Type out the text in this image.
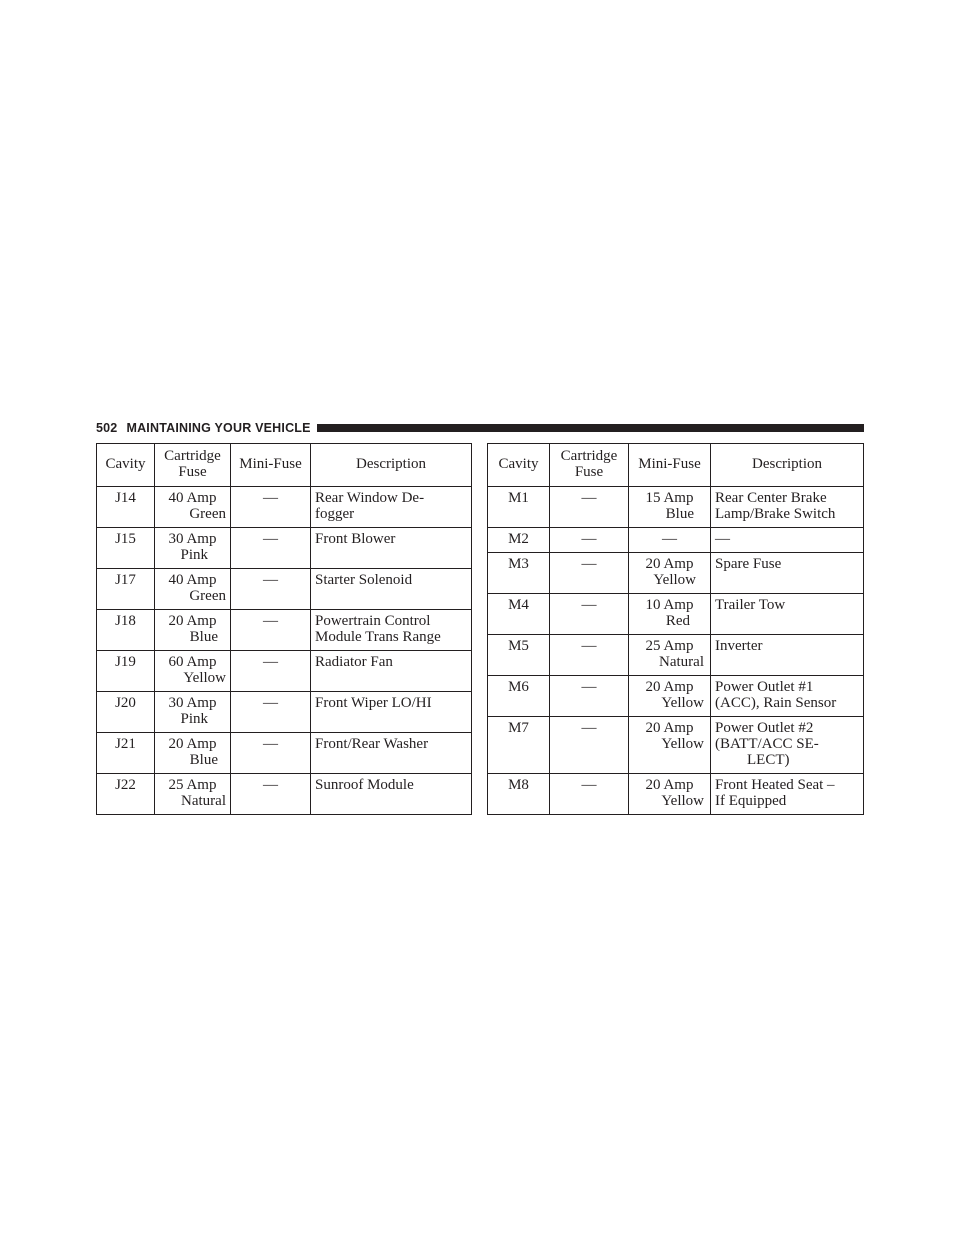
502 MAINTAINING YOUR VEHICLE
Cavity	Cartridge
Fuse	Mini-Fuse	Description
J14	40 Amp
Green	—	Rear Window De-
fogger
J15	30 Amp
Pink	—	Front Blower
J17	40 Amp
Green	—	Starter Solenoid
J18	20 Amp
Blue	—	Powertrain Control
Module Trans Range
J19	60 Amp
Yellow	—	Radiator Fan
J20	30 Amp
Pink	—	Front Wiper LO/HI
J21	20 Amp
Blue	—	Front/Rear Washer
J22	25 Amp
Natural	—	Sunroof Module
Cavity	Cartridge
Fuse	Mini-Fuse	Description
M1	—	15 Amp
Blue	Rear Center Brake
Lamp/Brake Switch
M2	—	—	—
M3	—	20 Amp
Yellow	Spare Fuse
M4	—	10 Amp
Red	Trailer Tow
M5	—	25 Amp
Natural	Inverter
M6	—	20 Amp
Yellow	Power Outlet #1
(ACC), Rain Sensor
M7	—	20 Amp
Yellow	Power Outlet #2
(BATT/ACC SE-
LECT)
M8	—	20 Amp
Yellow	Front Heated Seat –
If Equipped
